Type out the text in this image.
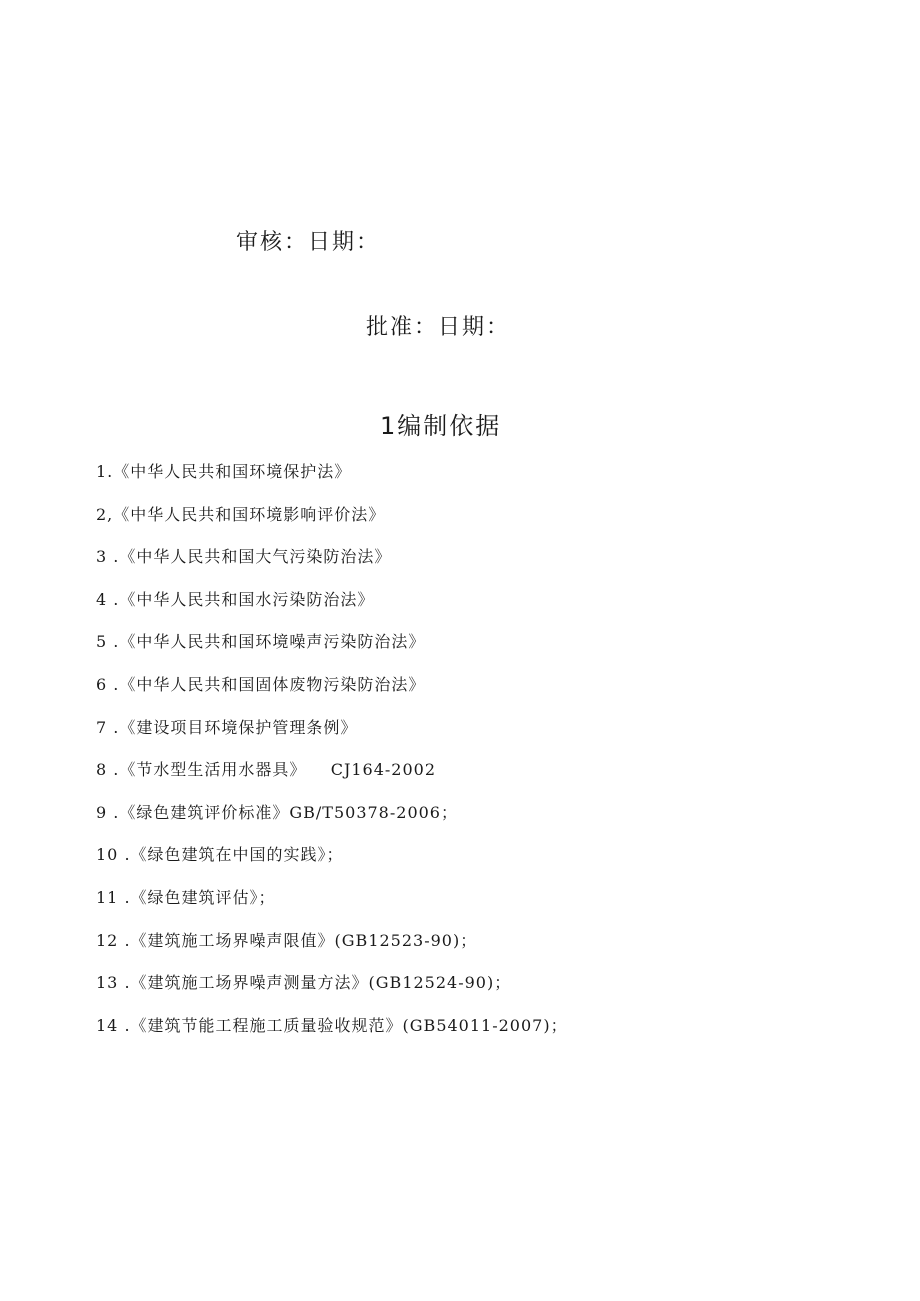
审核：日期：
批准：日期：
1编制依据
1.《中华人民共和国环境保护法》
2,《中华人民共和国环境影响评价法》
3 .《中华人民共和国大气污染防治法》
4 .《中华人民共和国水污染防治法》
5 .《中华人民共和国环境噪声污染防治法》
6 .《中华人民共和国固体废物污染防治法》
7 .《建设项目环境保护管理条例》
8 .《节水型生活用水器具》    CJ164-2002
9 .《绿色建筑评价标准》GB/T50378-2006；
10 .《绿色建筑在中国的实践》；
11 .《绿色建筑评估》；
12 .《建筑施工场界噪声限值》(GB12523-90)；
13 .《建筑施工场界噪声测量方法》(GB12524-90)；
14 .《建筑节能工程施工质量验收规范》(GB54011-2007)；
